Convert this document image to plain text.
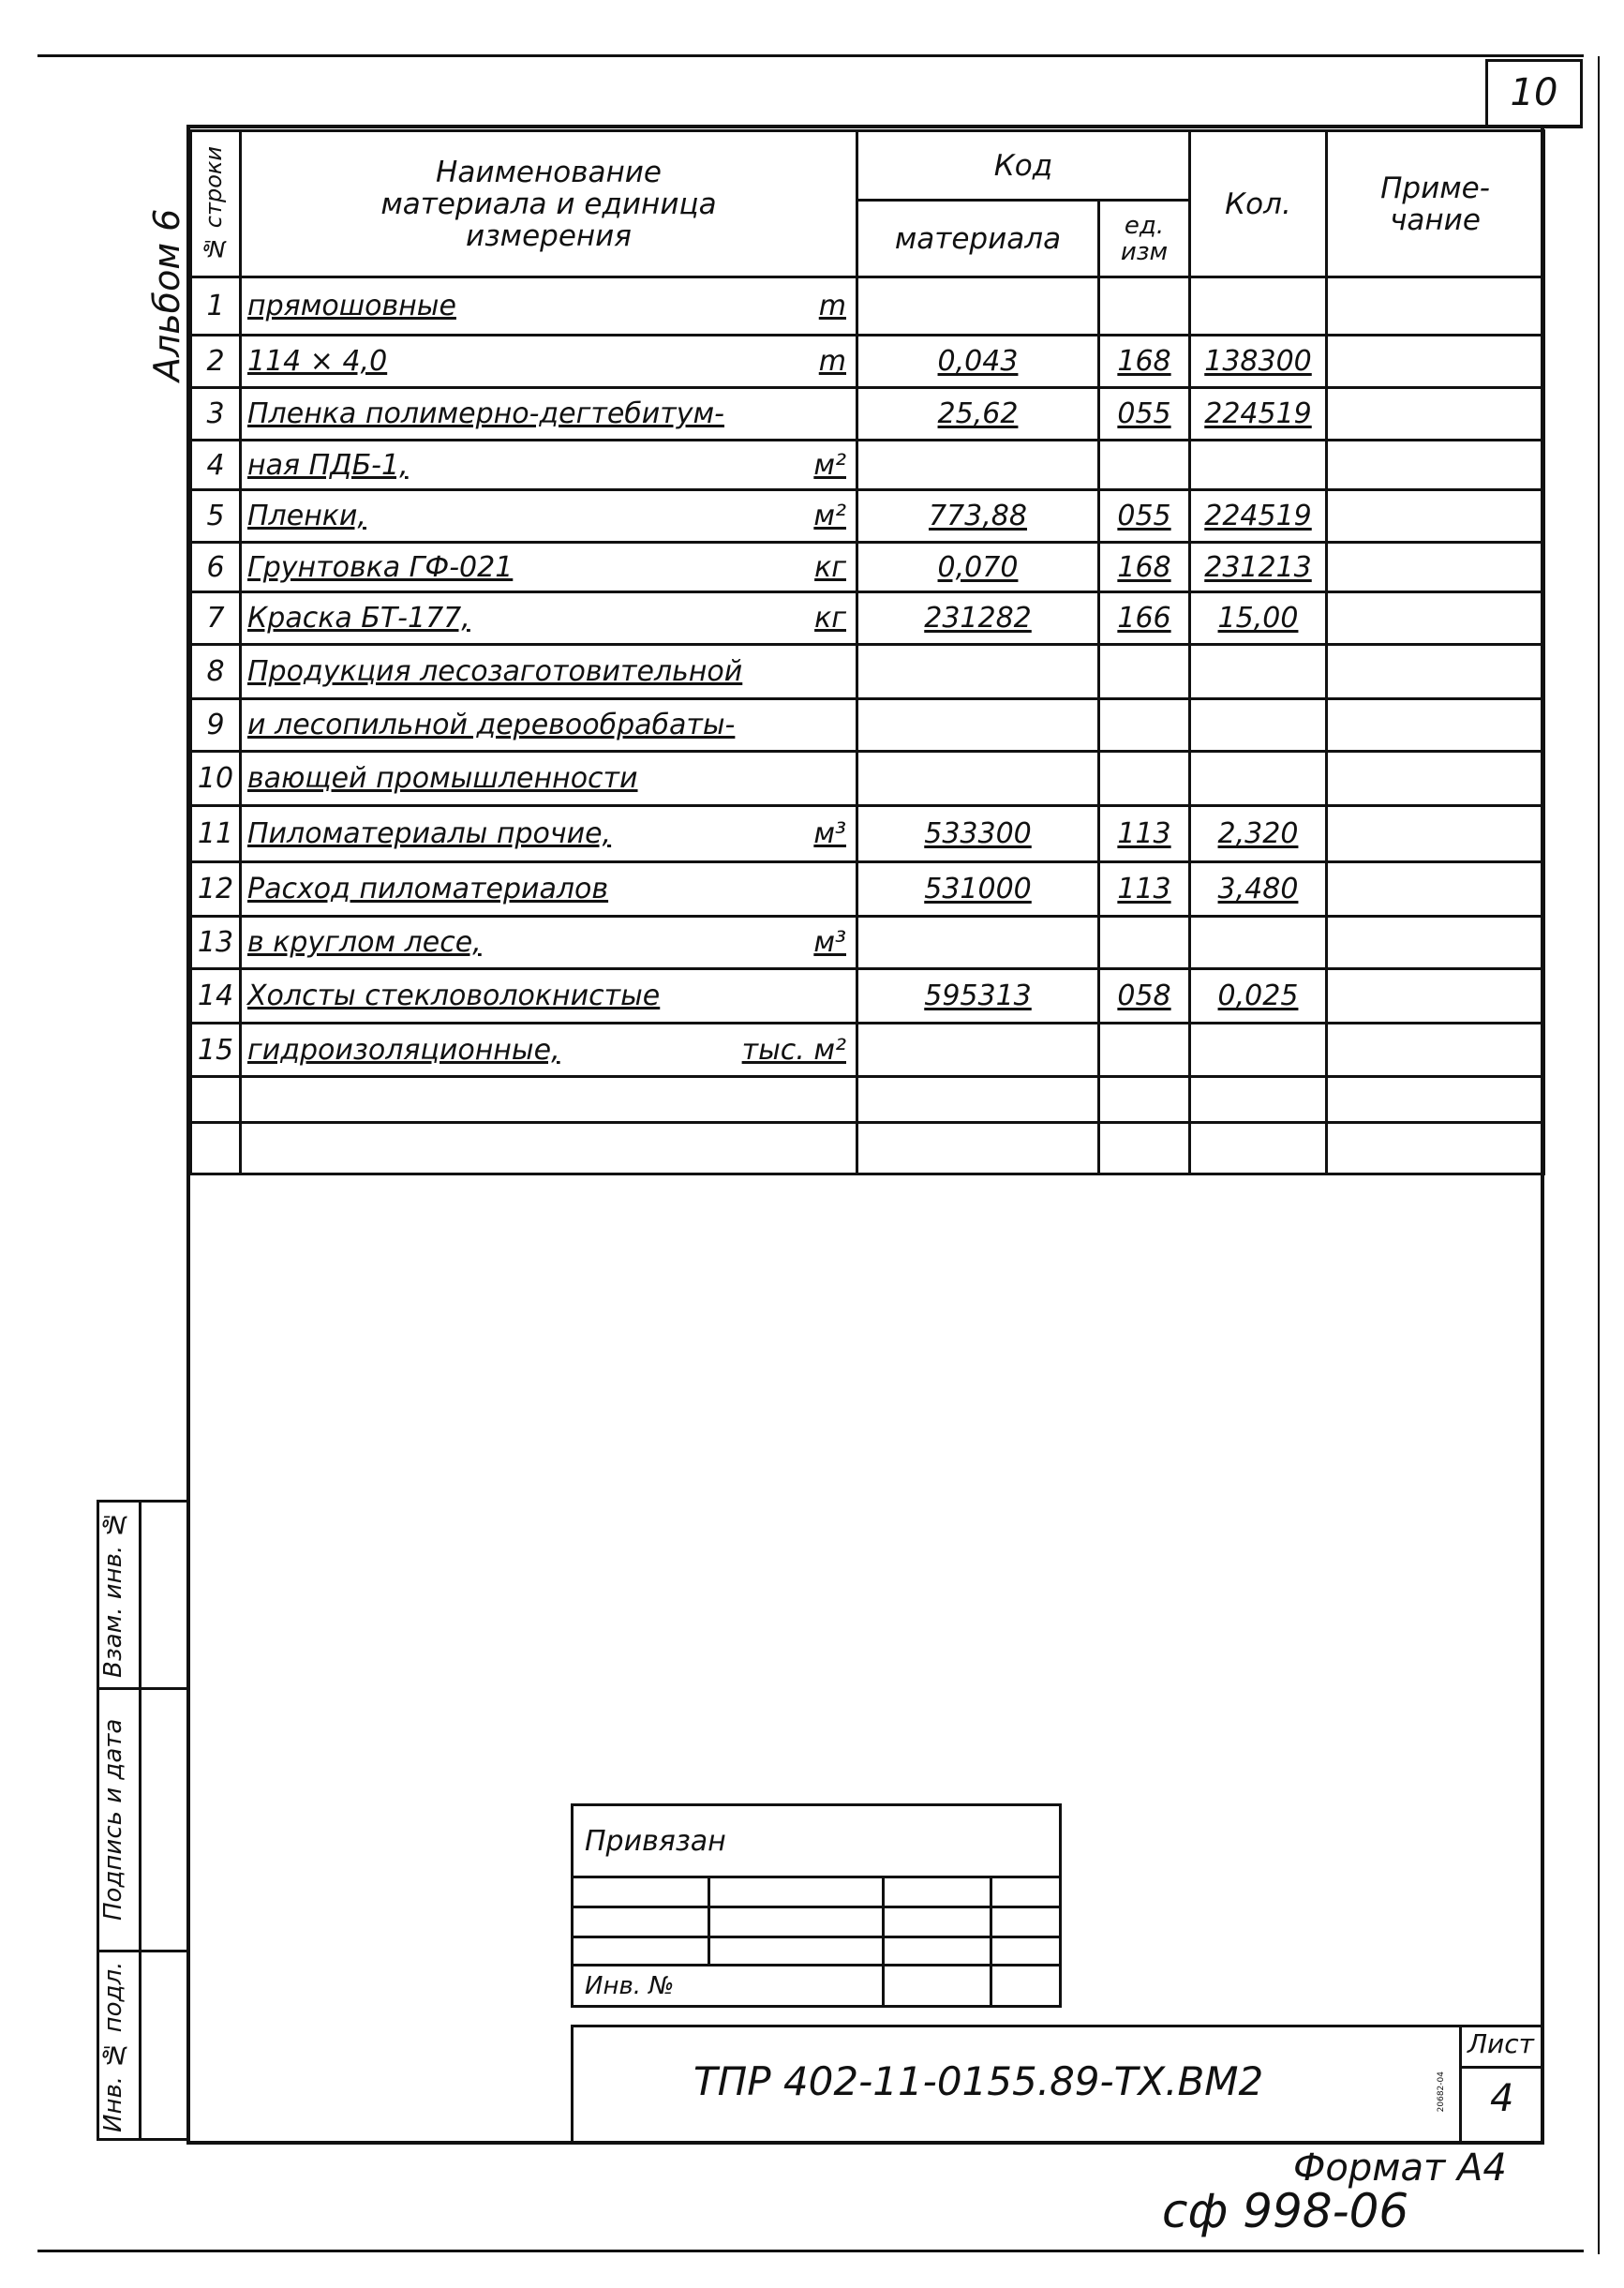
10
Альбом 6
№ строки	Наименование материала и единица измерения	Код		Кол.	Приме- чание
		материала	ед. изм		
1	прямошовные m				

2	114 × 4,0 m	0,043	168	138300	
3	Пленка полимерно-дегтебитум-	25,62	055	224519	
4	ная ПДБ-1, м²				

5	Пленки, м²	773,88	055	224519	
6	Грунтовка ГФ-021 кг	0,070	168	231213	
7	Краска БТ-177, кг	231282	166	15,00	
8	Продукция лесозаготовительной				

9	и лесопильной деревообрабаты-				

10	вающей промышленности				

11	Пиломатериалы прочие, м³	533300	113	2,320	
12	Расход пиломатериалов	531000	113	3,480	
13	в круглом лесе, м³				

14	Холсты стекловолокнистые	595313	058	0,025	
15	гидроизоляционные, тыс. м²				

Взам. инв. №
Подпись и дата
Инв. № подл.
Привязан			

Инв. №			
ТПР 402-11-0155.89-ТХ.ВМ2
Лист
4
20682-04
Формат А4
сф 998-06
